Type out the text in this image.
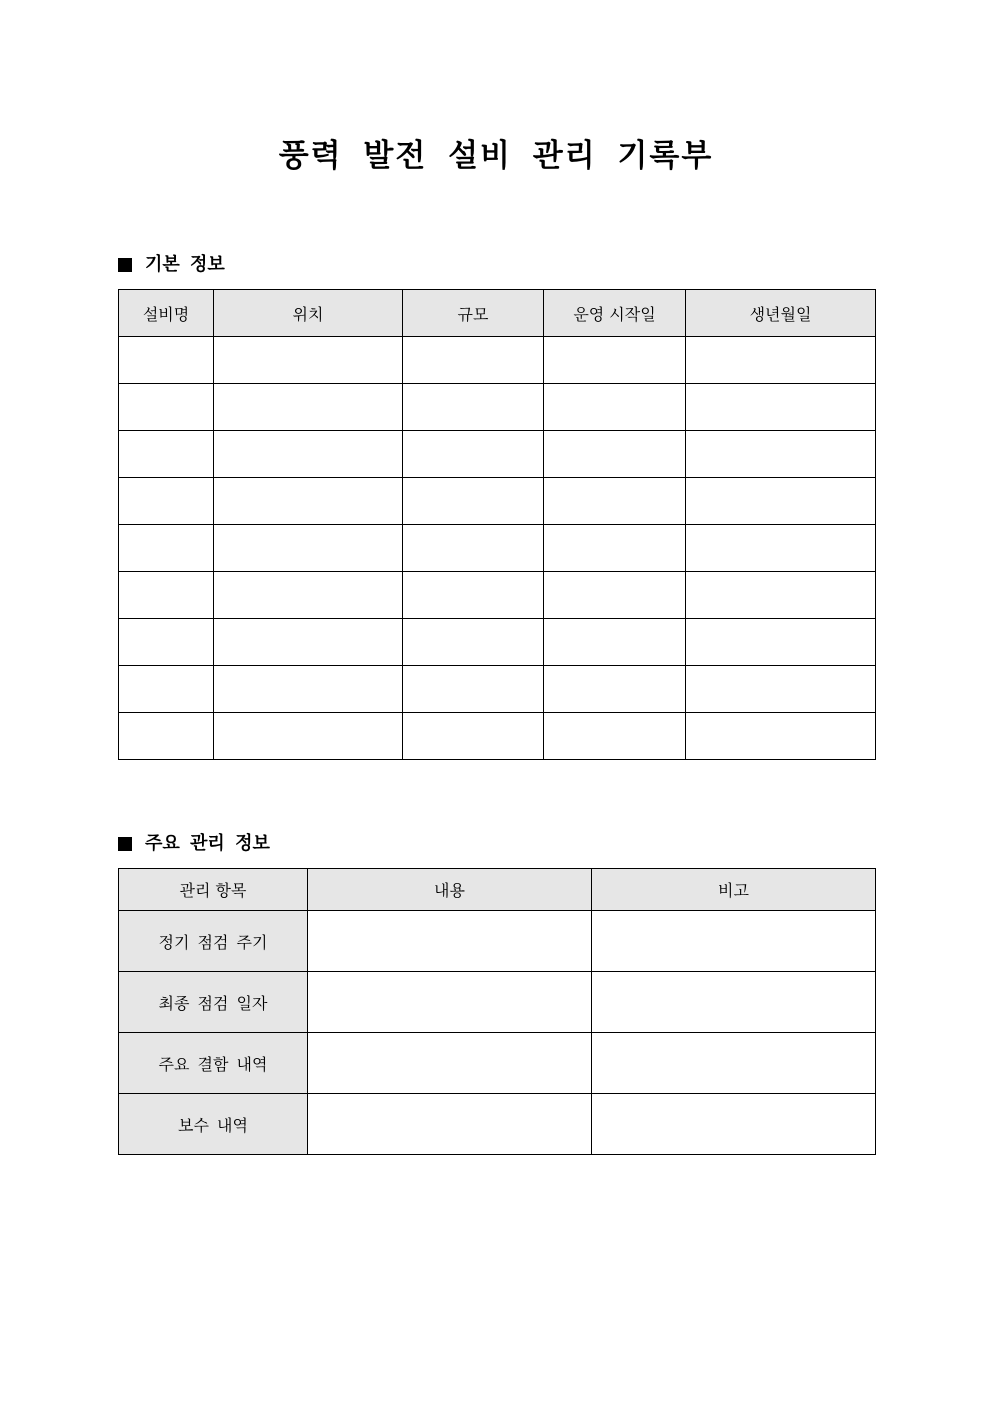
풍력 발전 설비 관리 기록부
기본 정보
설비명	위치	규모	운영 시작일	생년월일

주요 관리 정보
관리 항목	내용	비고
정기 점검 주기		
최종 점검 일자		
주요 결함 내역		
보수 내역		
